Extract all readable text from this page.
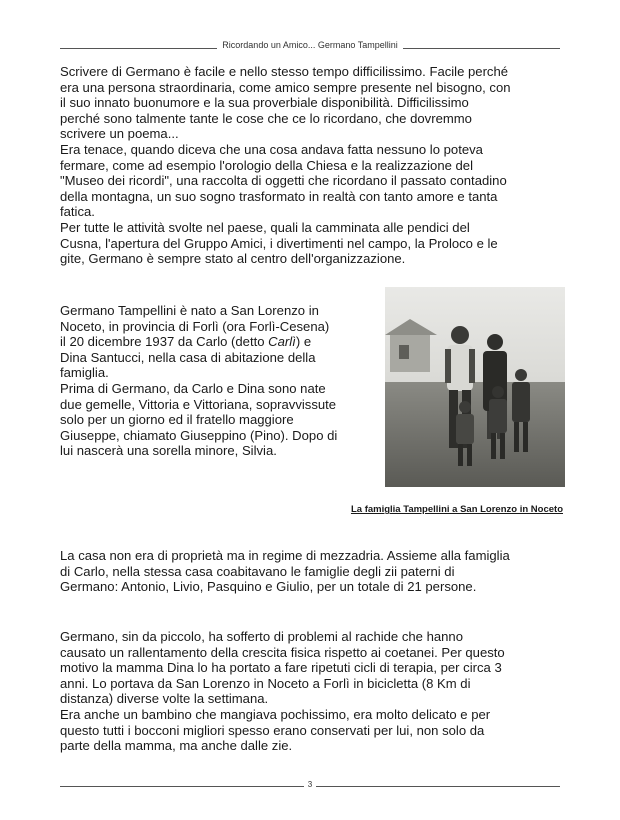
Ricordando un Amico... Germano Tampellini
Scrivere di Germano è facile e nello stesso tempo difficilissimo. Facile perché
era una persona straordinaria, come amico sempre presente nel bisogno, con
il suo innato buonumore e la sua proverbiale disponibilità. Difficilissimo
perché sono talmente tante le cose che ce lo ricordano, che dovremmo
scrivere un poema...
Era tenace, quando diceva che una cosa andava fatta nessuno lo poteva
fermare, come ad esempio l'orologio della Chiesa e la realizzazione del
"Museo dei ricordi", una raccolta di oggetti che ricordano il passato contadino
della montagna, un suo sogno trasformato in realtà con tanto amore e tanta
fatica.
Per tutte le attività svolte nel paese, quali la camminata alle pendici del
Cusna, l'apertura del Gruppo Amici, i divertimenti nel campo, la Proloco e le
gite, Germano è sempre stato al centro dell'organizzazione.
Germano Tampellini è nato a San Lorenzo in
Noceto, in provincia di Forlì (ora Forlì-Cesena)
il 20 dicembre 1937 da Carlo (detto Carlì) e
Dina Santucci, nella casa di abitazione della
famiglia.
Prima di Germano, da Carlo e Dina sono nate
due gemelle, Vittoria e Vittoriana, sopravvissute
solo per un giorno ed il fratello maggiore
Giuseppe, chiamato Giuseppino (Pino). Dopo di
lui nascerà una sorella minore, Silvia.
La famiglia Tampellini a San Lorenzo in Noceto
La casa non era di proprietà ma in regime di mezzadria. Assieme alla famiglia
di Carlo, nella stessa casa coabitavano le famiglie degli zii paterni di
Germano: Antonio, Livio, Pasquino e Giulio, per un totale di 21 persone.
Germano, sin da piccolo, ha sofferto di problemi al rachide che hanno
causato un rallentamento della crescita fisica rispetto ai coetanei. Per questo
motivo la mamma Dina lo ha portato a fare ripetuti cicli di terapia, per circa 3
anni. Lo portava da San Lorenzo in Noceto a Forlì in bicicletta (8 Km di
distanza) diverse volte la settimana.
Era anche un bambino che mangiava pochissimo, era molto delicato e per
questo tutti i bocconi migliori spesso erano conservati per lui, non solo da
parte della mamma, ma anche dalle zie.
3
